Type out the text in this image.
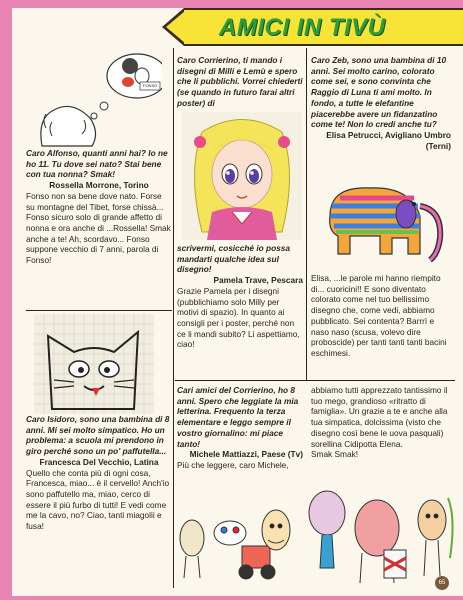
FONSO

Caro Alfonso, quanti anni hai? Io ne ho 11. Tu dove sei nato? Stai bene con tua nonna? Smak!

Rossella Morrone, Torino

Fonso non sa bene dove nato. Forse su montagne del Tibet, forse chissà... Fonso sicuro solo di grande affetto di nonna e ora anche di ...Rossella! Smak anche a te! Ah, scordavo... Fonso suppone vecchio di 7 anni, parola di Fonso!

Caro Isidoro, sono una bambina di 8 anni. Mi sei molto simpatico. Ho un problema: a scuola mi prendono in giro perché sono un po' paffutella...

Francesca Del Vecchio, Latina

Quello che conta più di ogni cosa, Francesca, miao... è il cervello! Anch'io sono paffutello ma, miao, cerco di essere il più furbo di tutti! E vedi come me la cavo, no? Ciao, tanti miagolii e fusa!

Caro Corrierino, ti mando i disegni di Milli e Lemù e spero che li pubblichi. Vorrei chiederti (se quando in futuro farai altri poster) di

scrivermi, cosicché io possa mandarti qualche idea sul disegno!

Pamela Trave, Pescara

Grazie Pamela per i disegni (pubblichiamo solo Milly per motivi di spazio). In quanto ai consigli per i poster, perché non ce li mandi subito? Li aspettiamo, ciao!

Caro Zeb, sono una bambina di 10 anni. Sei molto carino, colorato come sei, e sono convinta che Raggio di Luna ti ami molto. In fondo, a tutte le elefantine piacerebbe avere un fidanzatino come te! Non lo credi anche tu?

Elisa Petrucci, Avigliano Umbro (Terni)

Elisa, ...le parole mi hanno riempito di... cuoricini!! E sono diventato colorato come nel tuo bellissimo disegno che, come vedi, abbiamo pubblicato. Sei contenta? Barrrì e naso naso (scusa, volevo dire proboscide) per tanti tanti tanti bacini eschimesi.

Cari amici del Corrierino, ho 8 anni. Spero che leggiate la mia letterina. Frequento la terza elementare e leggo sempre il vostro giornalino: mi piace tanto!

Michele Mattiazzi, Paese (Tv)

Più che leggere, caro Michele,

abbiamo tutti apprezzato tantissimo il tuo mego, grandioso «ritratto di famiglia». Un grazie a te e anche alla tua simpatica, dolcissima (visto che disegno così bene le uova pasquali) sorellina Cidipotta Elena.

Smak Smak!

65
AMICI IN TIVÙ
